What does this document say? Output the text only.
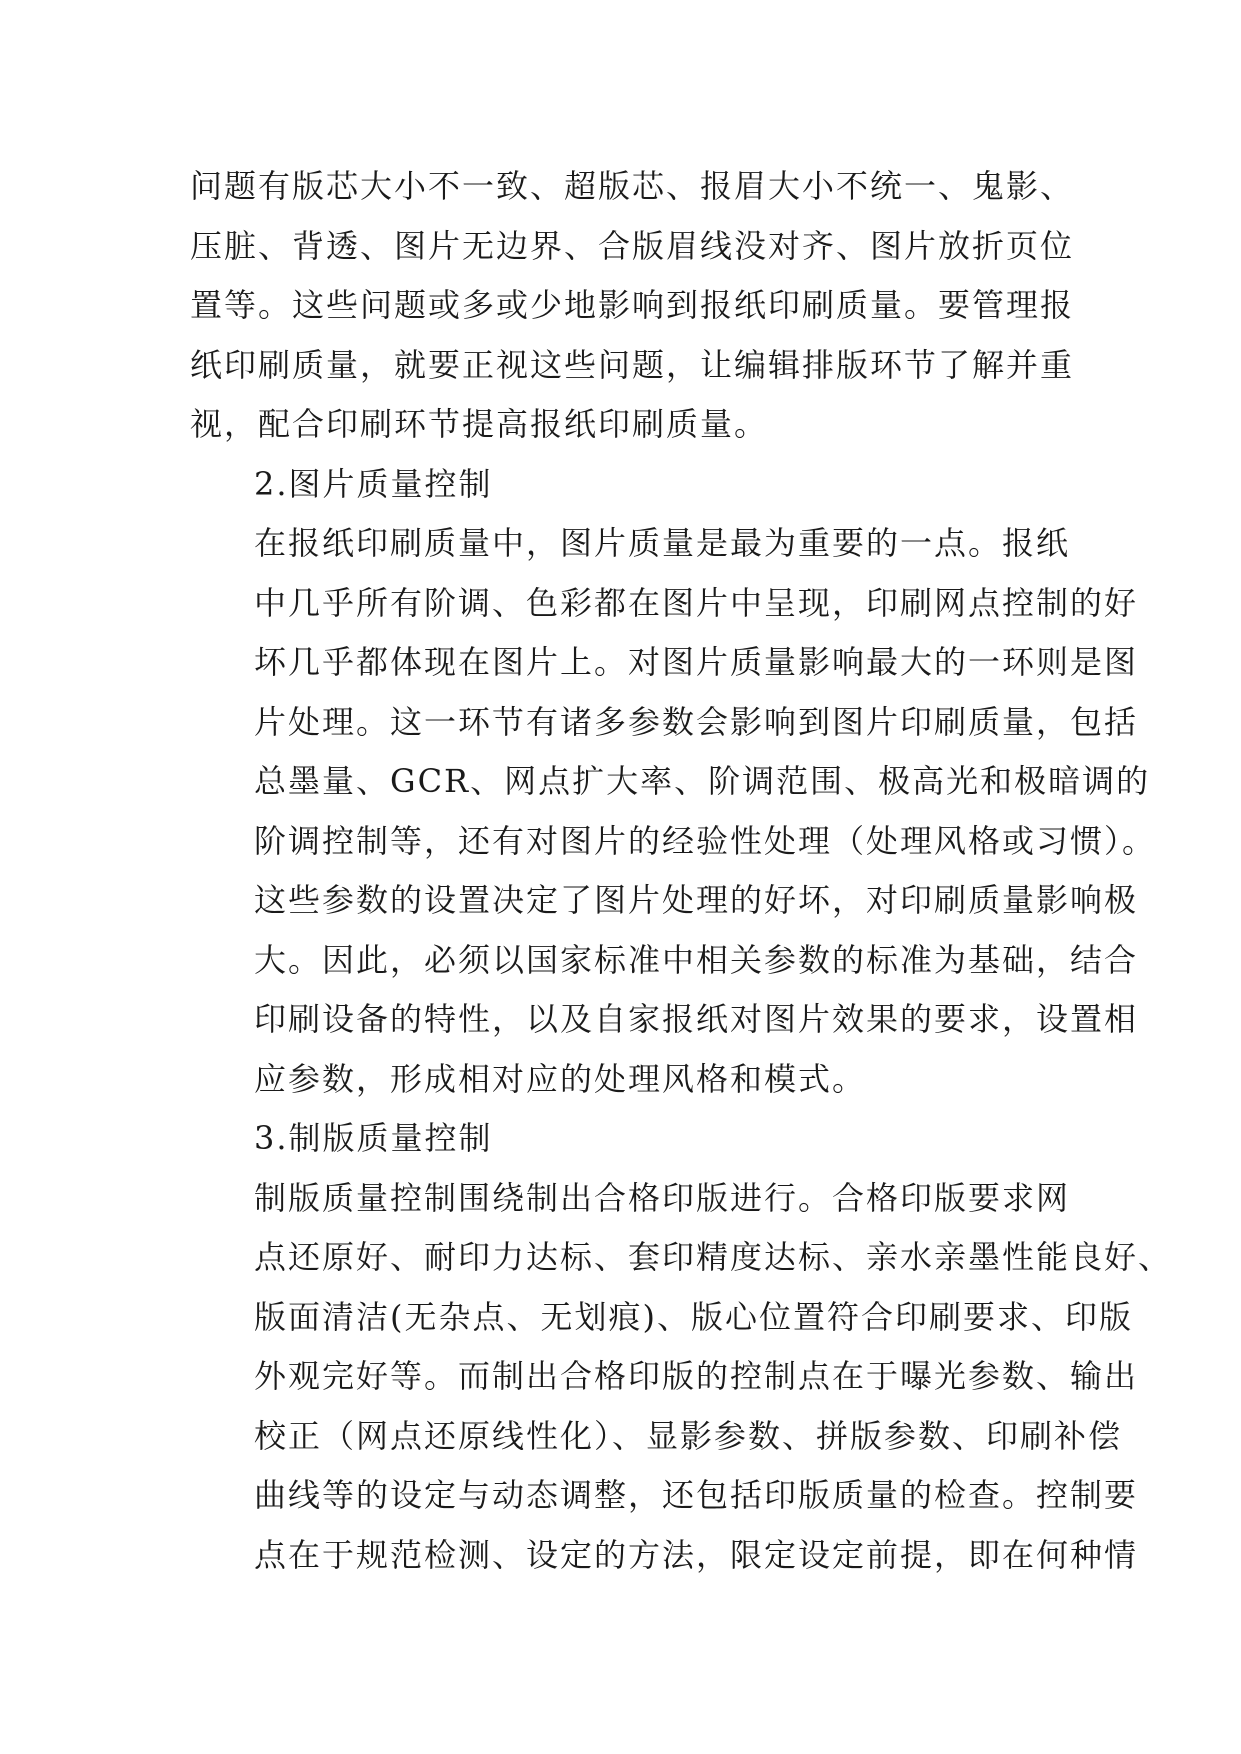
问题有版芯大小不一致、超版芯、报眉大小不统一、鬼影、
压脏、背透、图片无边界、合版眉线没对齐、图片放折页位
置等。这些问题或多或少地影响到报纸印刷质量。要管理报
纸印刷质量，就要正视这些问题，让编辑排版环节了解并重
视，配合印刷环节提高报纸印刷质量。
2.图片质量控制
在报纸印刷质量中，图片质量是最为重要的一点。报纸
中几乎所有阶调、色彩都在图片中呈现，印刷网点控制的好
坏几乎都体现在图片上。对图片质量影响最大的一环则是图
片处理。这一环节有诸多参数会影响到图片印刷质量，包括
总墨量、GCR、网点扩大率、阶调范围、极高光和极暗调的
阶调控制等，还有对图片的经验性处理（处理风格或习惯）。
这些参数的设置决定了图片处理的好坏，对印刷质量影响极
大。因此，必须以国家标准中相关参数的标准为基础，结合
印刷设备的特性，以及自家报纸对图片效果的要求，设置相
应参数，形成相对应的处理风格和模式。
3.制版质量控制
制版质量控制围绕制出合格印版进行。合格印版要求网
点还原好、耐印力达标、套印精度达标、亲水亲墨性能良好、
版面清洁(无杂点、无划痕)、版心位置符合印刷要求、印版
外观完好等。而制出合格印版的控制点在于曝光参数、输出
校正（网点还原线性化）、显影参数、拼版参数、印刷补偿
曲线等的设定与动态调整，还包括印版质量的检查。控制要
点在于规范检测、设定的方法，限定设定前提，即在何种情
